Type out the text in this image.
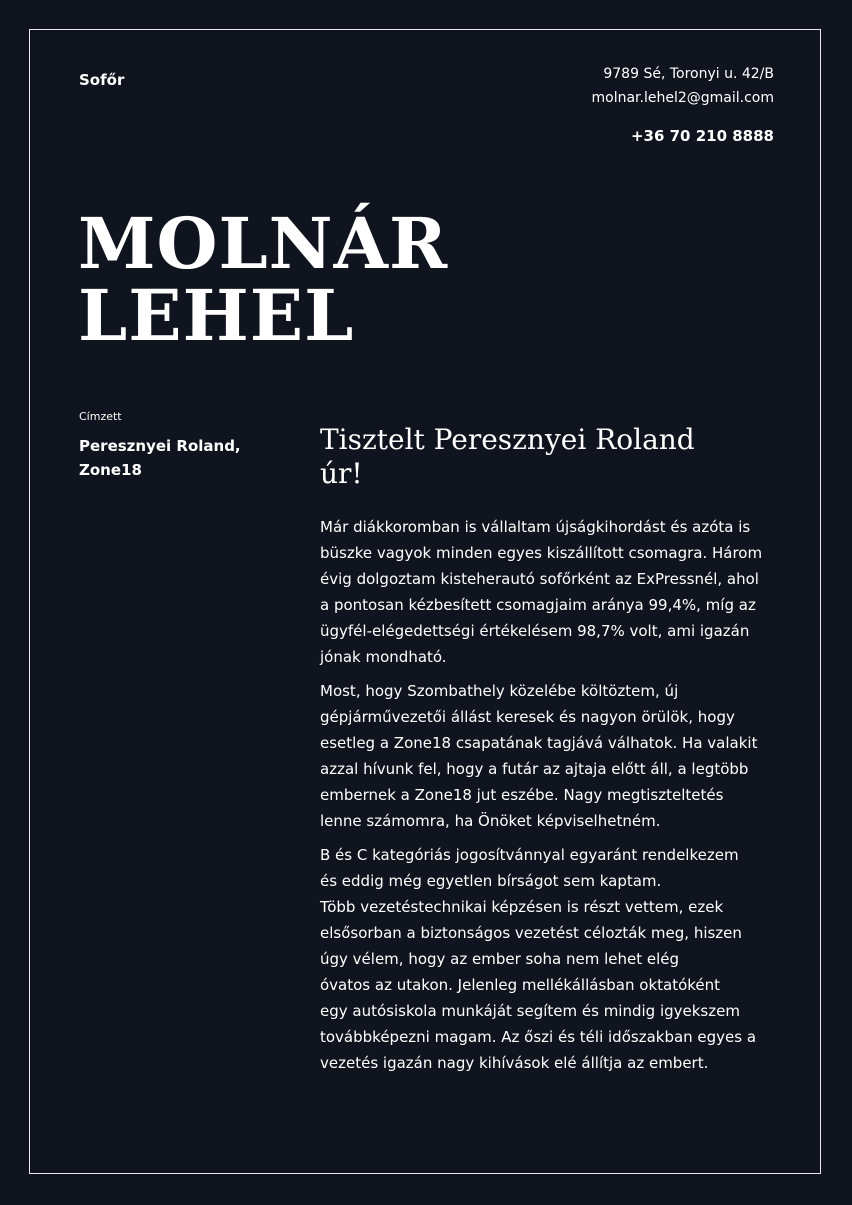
Sofőr	9789 Sé, Toronyi u. 42/B
molnar.lehel2@gmail.com
+36 70 210 8888
MOLNÁR
LEHEL
Címzett
Peresznyei Roland,
Zone18
Tisztelt Peresznyei Roland
úr!

Már diákkoromban is vállaltam újságkihordást és azóta is
büszke vagyok minden egyes kiszállított csomagra. Három
évig dolgoztam kisteherautó sofőrként az ExPressnél, ahol
a pontosan kézbesített csomagjaim aránya 99,4%, míg az
ügyfél-elégedettségi értékelésem 98,7% volt, ami igazán
jónak mondható.

Most, hogy Szombathely közelébe költöztem, új
gépjárművezetői állást keresek és nagyon örülök, hogy
esetleg a Zone18 csapatának tagjává válhatok. Ha valakit
azzal hívunk fel, hogy a futár az ajtaja előtt áll, a legtöbb
embernek a Zone18 jut eszébe. Nagy megtiszteltetés
lenne számomra, ha Önöket képviselhetném.

B és C kategóriás jogosítvánnyal egyaránt rendelkezem
és eddig még egyetlen bírságot sem kaptam.
Több vezetéstechnikai képzésen is részt vettem, ezek
elsősorban a biztonságos vezetést célozták meg, hiszen
úgy vélem, hogy az ember soha nem lehet elég
óvatos az utakon. Jelenleg mellékállásban oktatóként
egy autósiskola munkáját segítem és mindig igyekszem
továbbképezni magam. Az őszi és téli időszakban egyes a
vezetés igazán nagy kihívások elé állítja az embert.
